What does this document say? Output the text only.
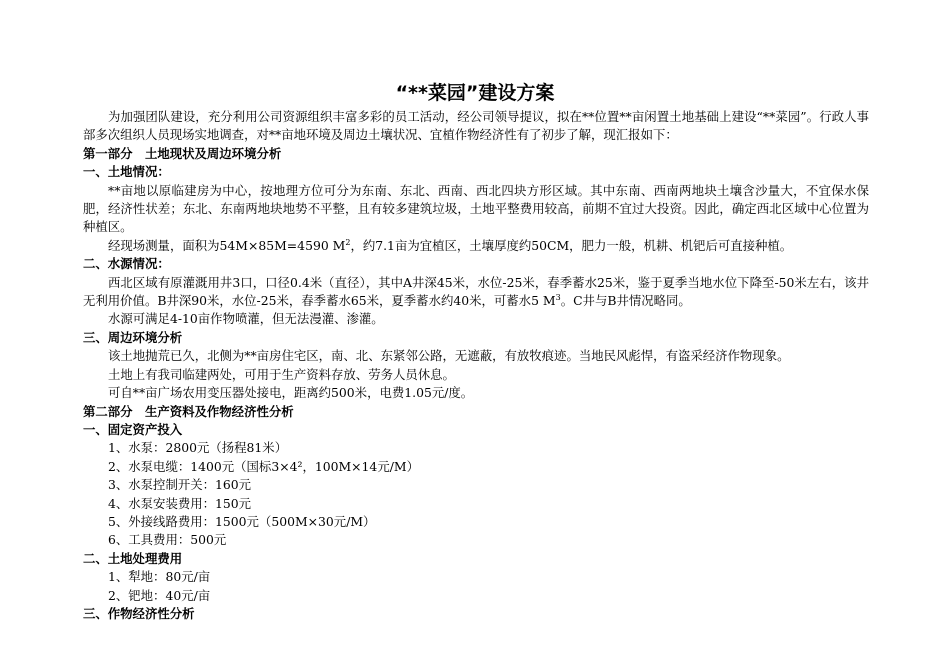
“**菜园”建设方案

为加强团队建设，充分利用公司资源组织丰富多彩的员工活动，经公司领导提议，拟在**位置**亩闲置土地基础上建设“**菜园”。行政人事部多次组织人员现场实地调查，对**亩地环境及周边土壤状况、宜植作物经济性有了初步了解，现汇报如下：

第一部分　土地现状及周边环境分析

一、土地情况：

**亩地以原临建房为中心，按地理方位可分为东南、东北、西南、西北四块方形区域。其中东南、西南两地块土壤含沙量大，不宜保水保肥，经济性状差；东北、东南两地块地势不平整，且有较多建筑垃圾，土地平整费用较高，前期不宜过大投资。因此，确定西北区域中心位置为种植区。

经现场测量，面积为54M×85M=4590 $M^2$，约7.1亩为宜植区，土壤厚度约50CM，肥力一般，机耕、机钯后可直接种植。

二、水源情况：

西北区域有原灌溉用井3口，口径0.4米（直径），其中A井深45米，水位-25米，春季蓄水25米，鉴于夏季当地水位下降至-50米左右，该井无利用价值。B井深90米，水位-25米，春季蓄水65米，夏季蓄水约40米，可蓄水5 $M^3$。C井与B井情况略同。

水源可满足4-10亩作物喷灌，但无法漫灌、渗灌。

三、周边环境分析

该土地抛荒已久，北侧为**亩房住宅区，南、北、东紧邻公路，无遮蔽，有放牧痕迹。当地民风彪悍，有盗采经济作物现象。

土地上有我司临建两处，可用于生产资料存放、劳务人员休息。

可自**亩广场农用变压器处接电，距离约500米，电费1.05元/度。

第二部分　生产资料及作物经济性分析

一、固定资产投入

1、水泵：2800元（扬程81米）

2、水泵电缆：1400元（国标3×4²，100M×14元/M）

3、水泵控制开关：160元

4、水泵安装费用：150元

5、外接线路费用：1500元（500M×30元/M）

6、工具费用：500元

二、土地处理费用

1、犁地：80元/亩

2、钯地：40元/亩

三、作物经济性分析
